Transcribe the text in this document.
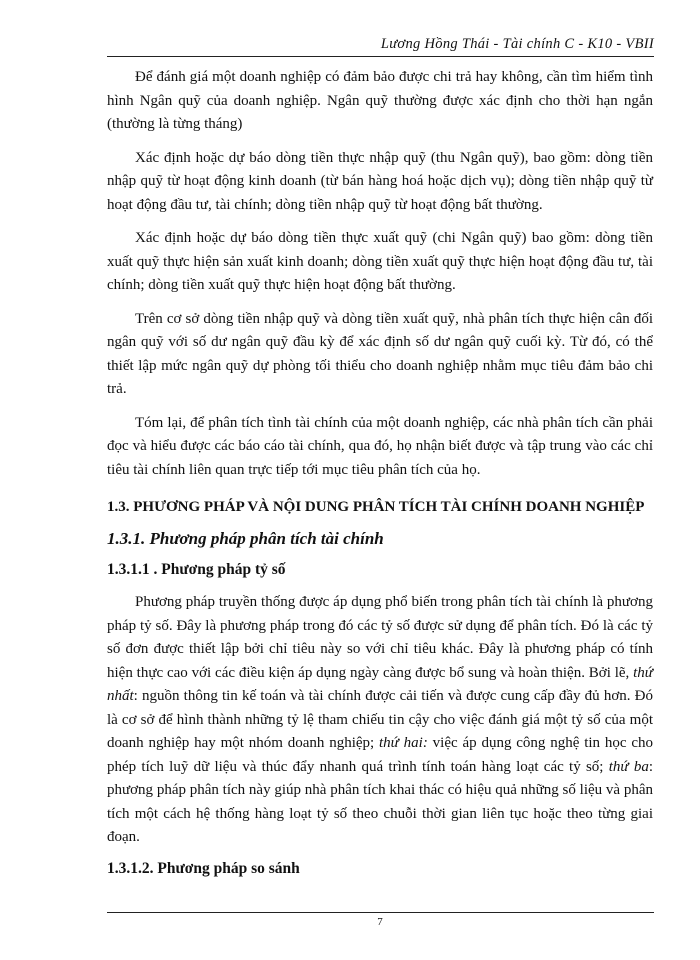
Lương Hồng Thái - Tài chính C - K10 - VBII

Để đánh giá một doanh nghiệp có đảm bảo được chi trả hay không, cần tìm hiểm tình hình Ngân quỹ của doanh nghiệp. Ngân quỹ thường được xác định cho thời hạn ngắn (thường là từng tháng)

Xác định hoặc dự báo dòng tiền thực nhập quỹ (thu Ngân quỹ), bao gồm: dòng tiền nhập quỹ từ hoạt động kinh doanh (từ bán hàng hoá hoặc dịch vụ); dòng tiền nhập quỹ từ hoạt động đầu tư, tài chính; dòng tiền nhập quỹ từ hoạt động bất thường.

Xác định hoặc dự báo dòng tiền thực xuất quỹ (chi Ngân quỹ) bao gồm: dòng tiền xuất quỹ thực hiện sản xuất kinh doanh; dòng tiền xuất quỹ thực hiện hoạt động đầu tư, tài chính; dòng tiền xuất quỹ thực hiện hoạt động bất thường.

Trên cơ sở dòng tiền nhập quỹ và dòng tiền xuất quỹ, nhà phân tích thực hiện cân đối ngân quỹ với số dư ngân quỹ đầu kỳ để xác định số dư ngân quỹ cuối kỳ. Từ đó, có thể thiết lập mức ngân quỹ dự phòng tối thiểu cho doanh nghiệp nhằm mục tiêu đảm bảo chi trả.

Tóm lại, để phân tích tình tài chính của một doanh nghiệp, các nhà phân tích cần phải đọc và hiểu được các báo cáo tài chính, qua đó, họ nhận biết được và tập trung vào các chỉ tiêu tài chính liên quan trực tiếp tới mục tiêu phân tích của họ.

1.3. PHƯƠNG PHÁP VÀ NỘI DUNG PHÂN TÍCH TÀI CHÍNH DOANH NGHIỆP
1.3.1. Phương pháp phân tích tài chính
1.3.1.1 . Phương pháp tỷ số

Phương pháp truyền thống được áp dụng phổ biến trong phân tích tài chính là phương pháp tỷ số. Đây là phương pháp trong đó các tỷ số được sử dụng để phân tích. Đó là các tỷ số đơn được thiết lập bởi chỉ tiêu này so với chỉ tiêu khác. Đây là phương pháp có tính hiện thực cao với các điều kiện áp dụng ngày càng được bổ sung và hoàn thiện. Bởi lẽ, thứ nhất: nguồn thông tin kế toán và tài chính được cải tiến và được cung cấp đầy đủ hơn. Đó là cơ sở để hình thành những tỷ lệ tham chiếu tin cậy cho việc đánh giá một tỷ số của một doanh nghiệp hay một nhóm doanh nghiệp; thứ hai: việc áp dụng công nghệ tin học cho phép tích luỹ dữ liệu và thúc đẩy nhanh quá trình tính toán hàng loạt các tỷ số; thứ ba: phương pháp phân tích này giúp nhà phân tích khai thác có hiệu quả những số liệu và phân tích một cách hệ thống hàng loạt tỷ số theo chuỗi thời gian liên tục hoặc theo từng giai đoạn.

1.3.1.2. Phương pháp so sánh
7
